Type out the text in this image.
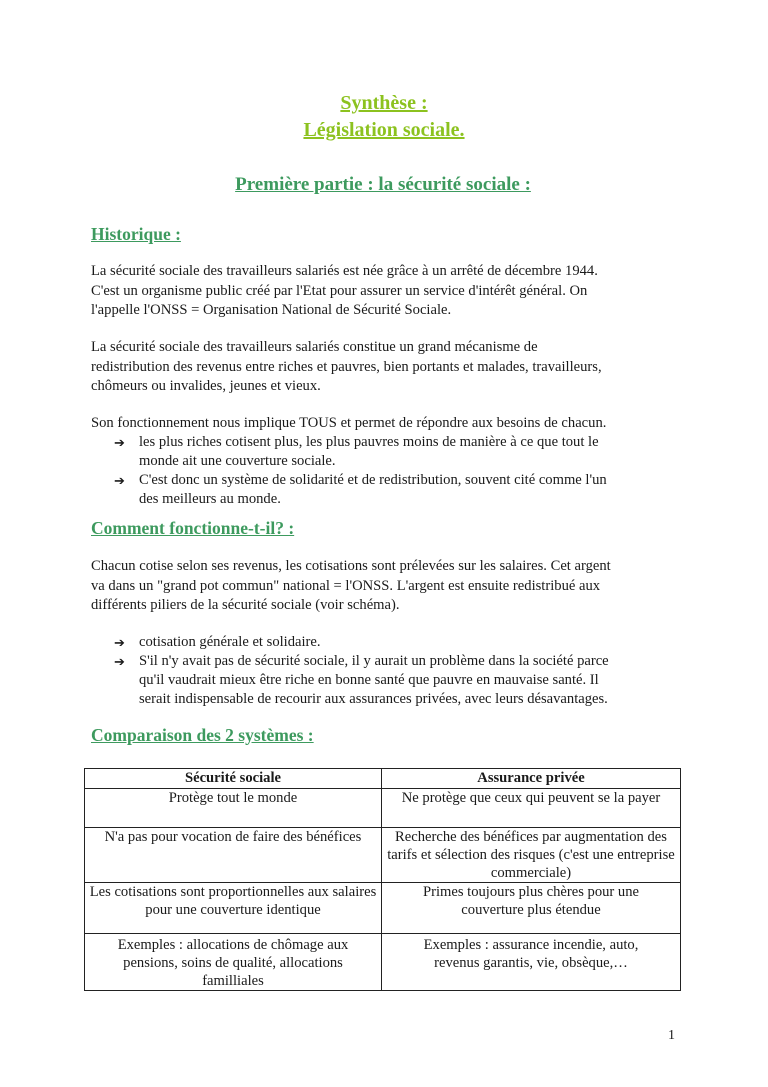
Synthèse :
Législation sociale.
Première partie : la sécurité sociale :
Historique :
La sécurité sociale des travailleurs salariés est née grâce à un arrêté de décembre 1944.
C'est un organisme public créé par l'Etat pour assurer un service d'intérêt général. On
l'appelle l'ONSS = Organisation National de Sécurité Sociale.
La sécurité sociale des travailleurs salariés constitue un grand mécanisme de
redistribution des revenus entre riches et pauvres, bien portants et malades, travailleurs,
chômeurs ou invalides, jeunes et vieux.
Son fonctionnement nous implique TOUS et permet de répondre aux besoins de chacun.
➔ les plus riches cotisent plus, les plus pauvres moins de manière à ce que tout le
monde ait une couverture sociale.
➔ C'est donc un système de solidarité et de redistribution, souvent cité comme l'un
des meilleurs au monde.
Comment fonctionne-t-il? :
Chacun cotise selon ses revenus, les cotisations sont prélevées sur les salaires. Cet argent
va dans un "grand pot commun" national = l'ONSS. L'argent est ensuite redistribué aux
différents piliers de la sécurité sociale (voir schéma).
➔ cotisation générale et solidaire.
➔ S'il n'y avait pas de sécurité sociale, il y aurait un problème dans la société parce
qu'il vaudrait mieux être riche en bonne santé que pauvre en mauvaise santé. Il
serait indispensable de recourir aux assurances privées, avec leurs désavantages.
Comparaison des 2 systèmes :
Sécurité sociale	Assurance privée
Protège tout le monde	Ne protège que ceux qui peuvent se la payer
N'a pas pour vocation de faire des bénéfices	Recherche des bénéfices par augmentation des tarifs et sélection des risques (c'est une entreprise commerciale)
Les cotisations sont proportionnelles aux salaires pour une couverture identique	Primes toujours plus chères pour une couverture plus étendue
Exemples : allocations de chômage aux pensions, soins de qualité, allocations familliales	Exemples : assurance incendie, auto, revenus garantis, vie, obsèque,…
1
